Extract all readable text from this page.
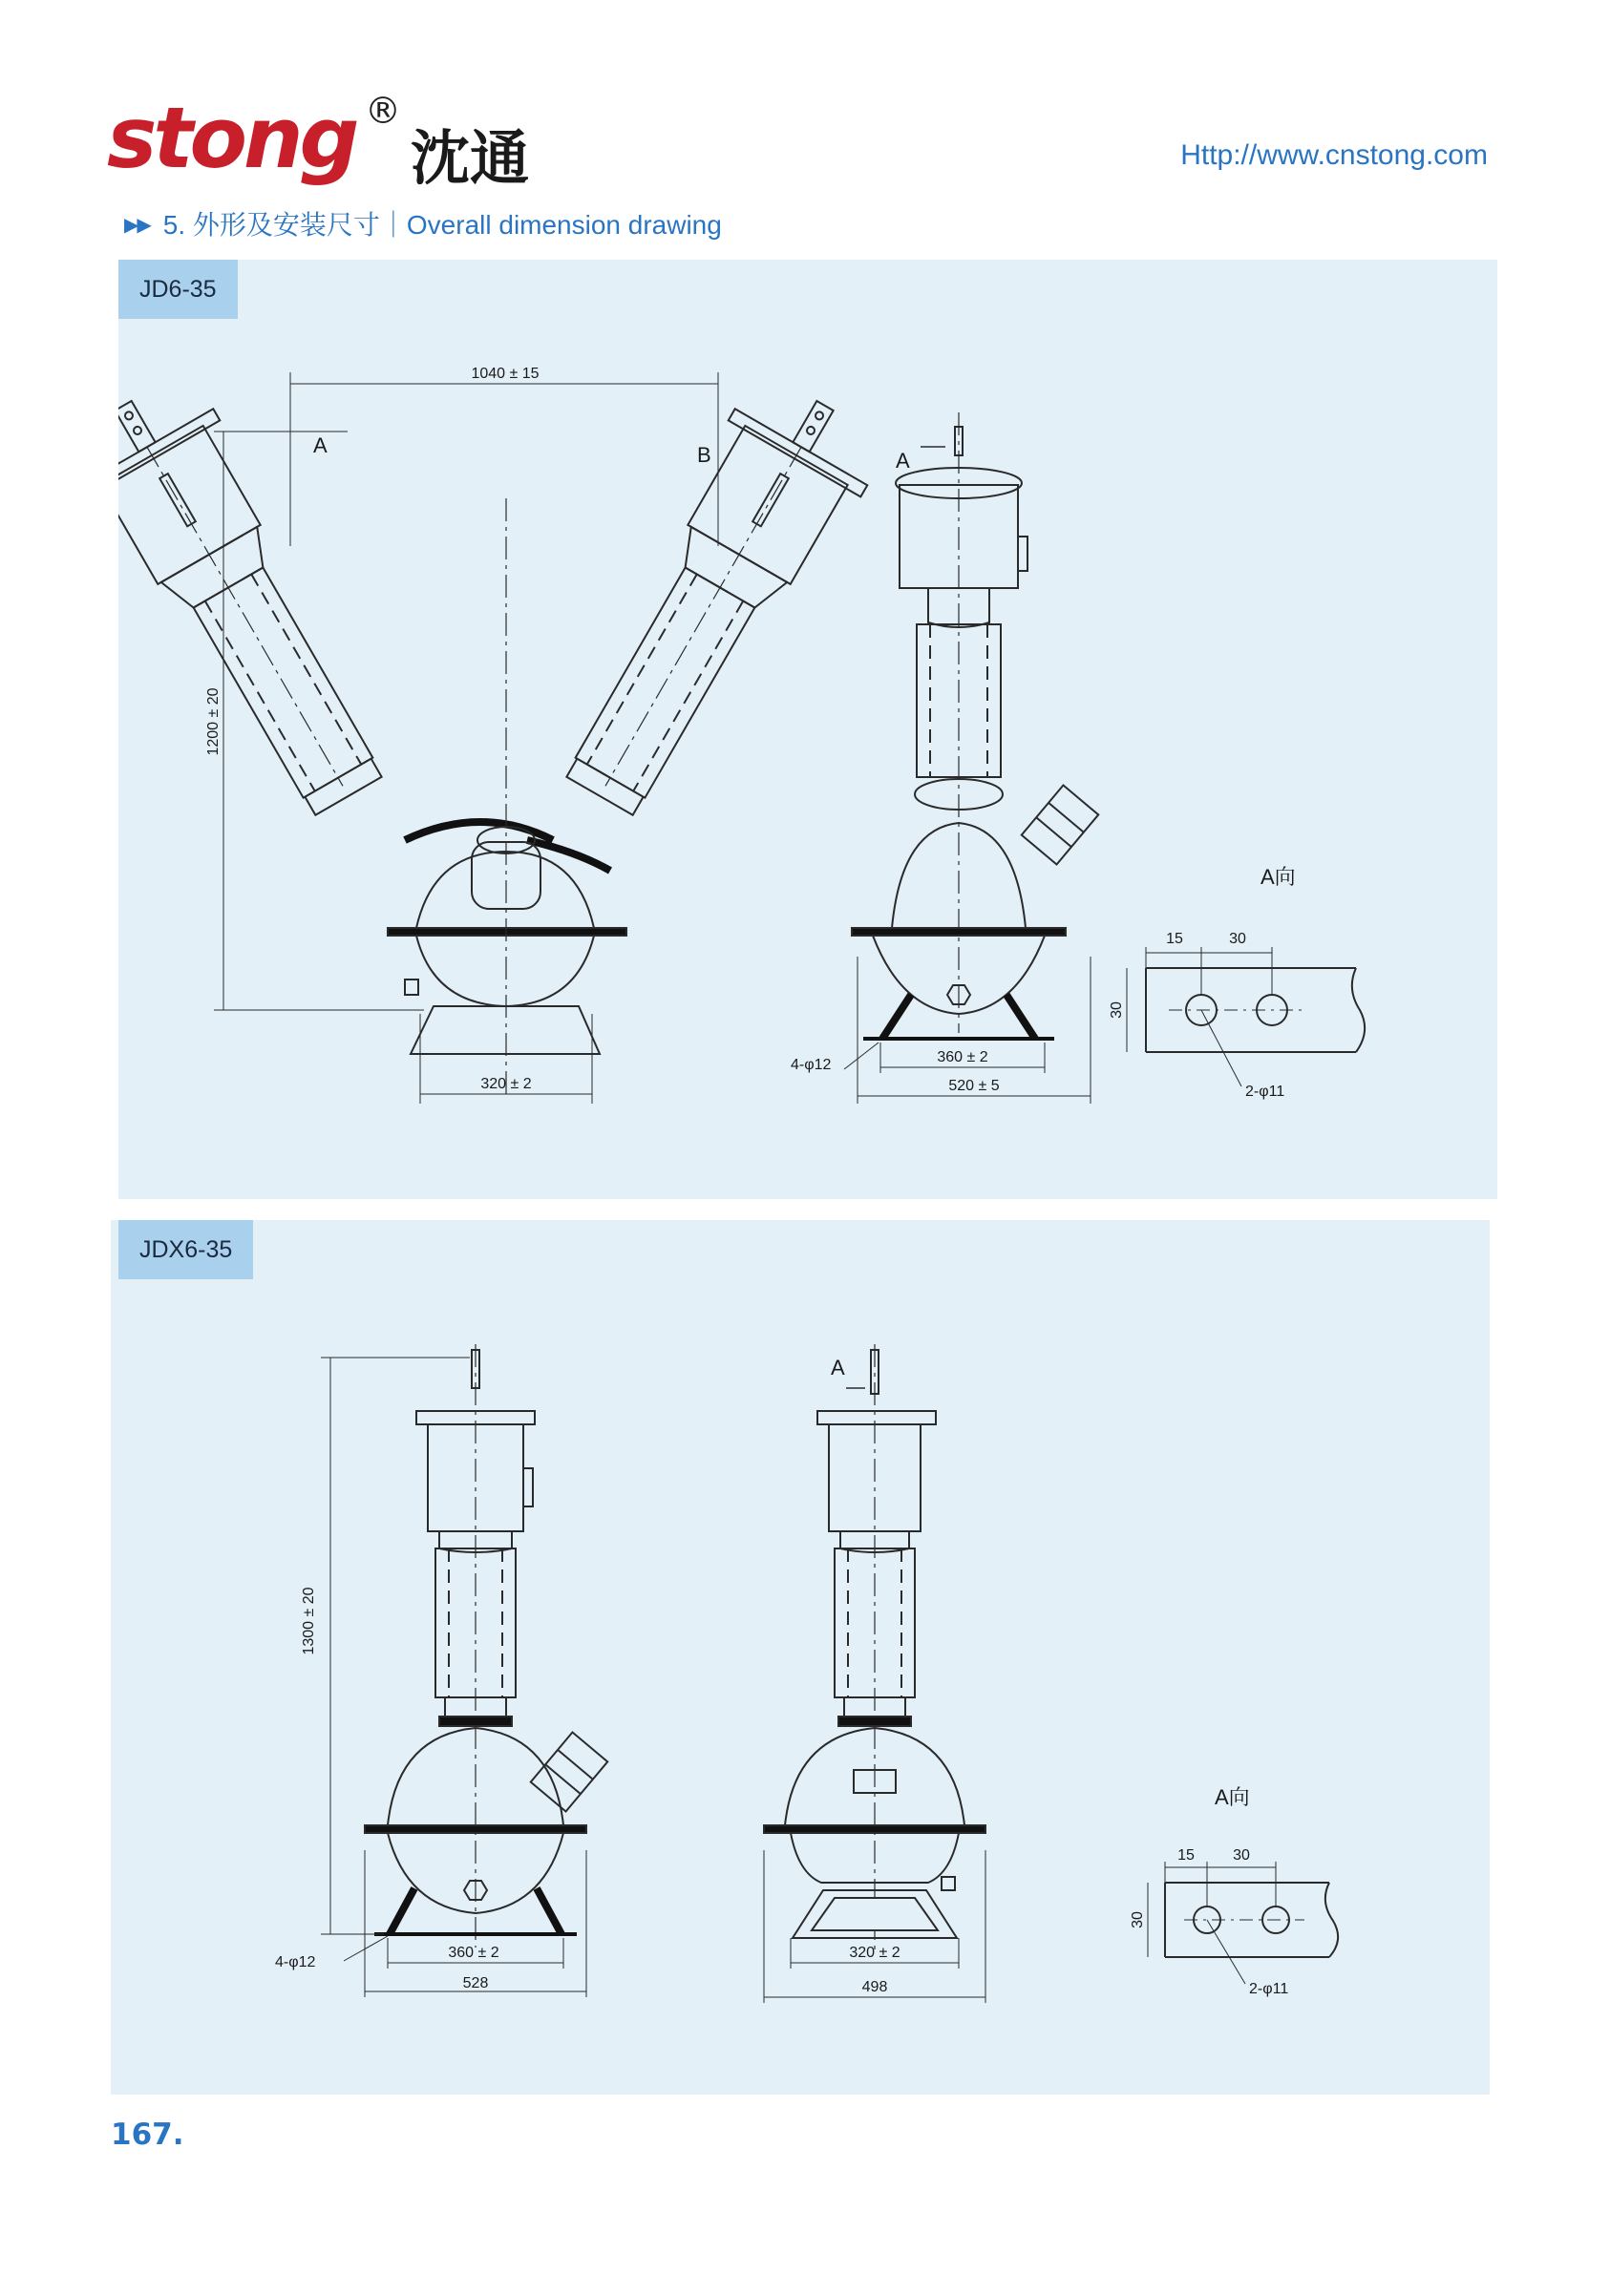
stong ®
沈通	Http://www.cnstong.com
▶▶ 5. 外形及安装尺寸｜Overall dimension drawing
1040 ± 15
1200 ± 20
320 ± 2
A	B	A
360 ± 2
520 ± 5
4-φ12
A向
15	30
30
2-φ11
JD6-35
1300 ± 20
360 ± 2
528
4-φ12
A
320 ± 2
498
A向
15	30
30
2-φ11
JDX6-35
167.
